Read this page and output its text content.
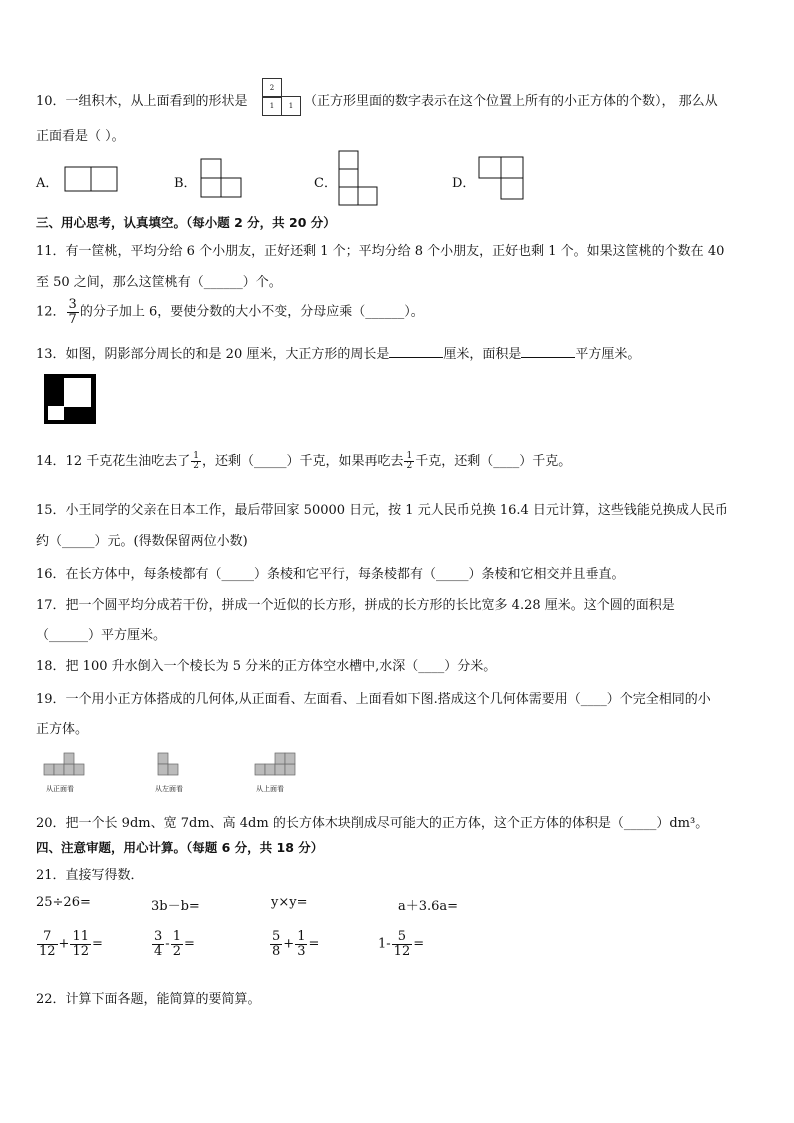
10．一组积木，从上面看到的形状是
2
1	1 （正方形里面的数字表示在这个位置上所有的小正方体的个数）， 那么从
正面看是（ ）。
A．	B．	C．	D．
三、用心思考，认真填空。（每小题 2 分，共 20 分）
11．有一筐桃，平均分给 6 个小朋友，正好还剩 1 个；平均分给 8 个小朋友，正好也剩 1 个。如果这筐桃的个数在 40
至 50 之间，那么这筐桃有（______）个。
12． $\frac{3}{7}$ 的分子加上 6，要使分数的大小不变，分母应乘（______）。
13．如图，阴影部分周长的和是 20 厘米，大正方形的周长是	厘米，面积是	平方厘米。
14．12 千克花生油吃去了 $\frac{1}{2}$ ，还剩（_____）千克，如果再吃去 $\frac{1}{2}$ 千克，还剩（____）千克。
15．小王同学的父亲在日本工作，最后带回家 50000 日元，按 1 元人民币兑换 16.4 日元计算，这些钱能兑换成人民币
约（_____）元。(得数保留两位小数)
16．在长方体中，每条棱都有（_____）条棱和它平行，每条棱都有（_____）条棱和它相交并且垂直。
17．把一个圆平均分成若干份，拼成一个近似的长方形，拼成的长方形的长比宽多 4.28 厘米。这个圆的面积是
（______）平方厘米。
18．把 100 升水倒入一个棱长为 5 分米的正方体空水槽中,水深（____）分米。
19．一个用小正方体搭成的几何体,从正面看、左面看、上面看如下图.搭成这个几何体需要用（____）个完全相同的小
正方体。
从正面看	从左面看	从上面看
20．把一个长 9dm、宽 7dm、高 4dm 的长方体木块削成尽可能大的正方体，这个正方体的体积是（_____）dm³。
四、注意审题，用心计算。（每题 6 分，共 18 分）
21．直接写得数．
25÷26=	3b－b=	y×y=	a＋3.6a=
$\frac{7}{12} + \frac{11}{12}$ =	$\frac{3}{4} - \frac{1}{2}$ =	$\frac{5}{8} + \frac{1}{3}$ =	$1- \frac{5}{12}$ =
22．计算下面各题，能简算的要简算。
